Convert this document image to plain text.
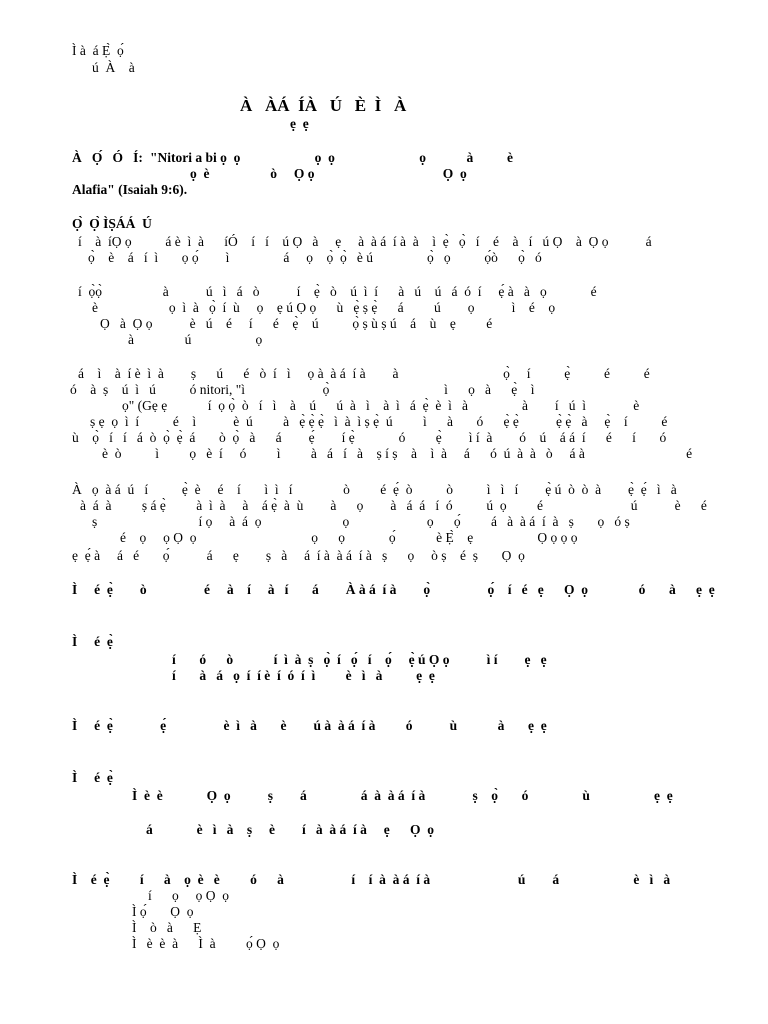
Ì à  á Ẹ̀  ọ́
ú  À    à
À   ÀÁ  ÍÀ   Ú   È  Ì   À
ẹ  ẹ
À   Ọ́   Ó   Í: "Nitori a bi ọ  ọ                      ọ  ọ                         ọ            à          è
ọ  è                  ò     Ọ ọ                                      Ọ  ọ
Alafia" (Isaiah 9:6).
Ọ̀  Ọ̀ ÌṢÁÁ  Ú
í    à  íỌ ọ          á è  ì  à      íÓ    í   í    ú Ọ   à     ẹ     à  à á  í à  à    ì  ẹ̀   ọ̀   í    é    à   í   ú Ọ    à  Ọ ọ           á
ọ̀    è    á   í  ì       ọ ọ́        ì                á     ọ    ọ̀  ọ̀   è ú                ọ̀   ọ          ọ́ò      ọ̀   ó
í  ọ̀ọ̀                  à           ú   ì   á   ò           í    ẹ̀   ò    ú  ì  í      à   ú    ú   á  ó  í     ẹ́ à   à   ọ             é
è                     ọ  ì  à   ọ̀  í  ù     ọ    ẹ ú Ọ ọ      ù   ẹ̀ ṣ ẹ̀      á         ú        ọ           ì    é    ọ
Ọ   à  Ọ ọ           è   ú    é     í      é    ẹ̀    ú          ọ̀ ṣ ù ṣ ú    á    ù    ẹ         é
à               ú                   ọ
á    ì    à  í è  ì  à        ṣ      ú      é   ò  í   ì     ọ à  à á  í à        à                               ọ̀     í          ẹ̀          é          é
ó    à  ṣ    ú  ì   ú          ó nitori, "ì                       ọ̀                                  ì      ọ   à      ẹ̀    ì
ọ" (Gẹ ẹ            í  ọ ọ̀  ò   í   ì    à    ú      ú  à   ì    à  ì   á  ẹ̀  è  ì   à                à        í   ú  ì              è
ṣ ẹ  ọ  ì  í          é    ì           è  ú         à   ẹ̀ ẹ̀ ẹ̀   ì  à  ì ṣ ẹ̀  ú         ì      à       ó      ẹ̀ ẹ̀           ẹ̀ ẹ̀   à     ẹ̀    í          é
ù    ọ̀   í   í   á  ò  ọ̀  ẹ̀  á       ò  ọ̀   à      á        ẹ́        í ẹ̀             ó         ẹ̀        ì í  à        ó    ú    á á  í      é      í       ó
è  ò          ì         ọ   è  í     ó         ì         à   á   í   à    ṣ í ṣ    à    ì  à     á      ó  ú  à  à   ò     á à                              é
À   ọ  à á  ú   í          ẹ̀  è     é    í       ì  ì   í               ò         é  ẹ́  ò          ò          ì   ì   í        ẹ̀ ú  ò  ò  à        ẹ̀  ẹ́   ì   à
à  á  à         ṣ á ẹ̀         à  ì  à     à    á ẹ̀  à  ù        à      ọ        à   á  á   í  ó          ú  ọ         é                          ú           è      é
ṣ                              í ọ     à  á  ọ                        ọ                       ọ      ọ́         á   à  à á  í  à   ṣ       ọ   ó ṣ
é    ọ     ọ Ọ  ọ                                  ọ      ọ             ọ́            è Ẹ̀    ẹ                   Ọ ọ ọ ọ
ẹ  ẹ́ à     á   é       ọ́           á      ẹ        ṣ   à     á  í à  à á  í à   ṣ      ọ     ò ṣ    é  ṣ       Ọ  ọ
Ì     é  ẹ̀        ò                 é     à    í     à   í       á        À à á  í à        ọ̀                 ọ́    í   é   ẹ      Ọ  ọ               ó       à      ẹ  ẹ
Ì     é  ẹ̀
í       ó      ò            í  ì  à  ṣ   ọ̀  í   ọ́   í    ọ́     ẹ̀ ú Ọ ọ           ì í        ẹ   ẹ
í       à   á   ọ  í  í è  í  ó  í  ì         è   ì   à          ẹ  ẹ
Ì     é  ẹ̀              ẹ́                 è  ì   à       è        ú à  à á  í à         ó           ù            à       ẹ  ẹ
Ì     é  ẹ̀
Ì  è  è             Ọ  ọ           ṣ        á                á  à  à á  í à              ṣ    ọ̀       ó                ù                   ẹ  ẹ
á             è   ì   à    ṣ     è        í   à  à á  í à     ẹ      Ọ  ọ
Ì    é  ẹ̀         í      à    ọ  è   è         ó      à                    í    í  à  à á  í à                          ú        á                      è   ì   à
í      ọ     ọ Ọ  ọ
Ì ọ́       Ọ  ọ
Ì    ò   à      Ẹ
Ì   è  è  à      Ì  à         ọ́ Ọ  ọ
